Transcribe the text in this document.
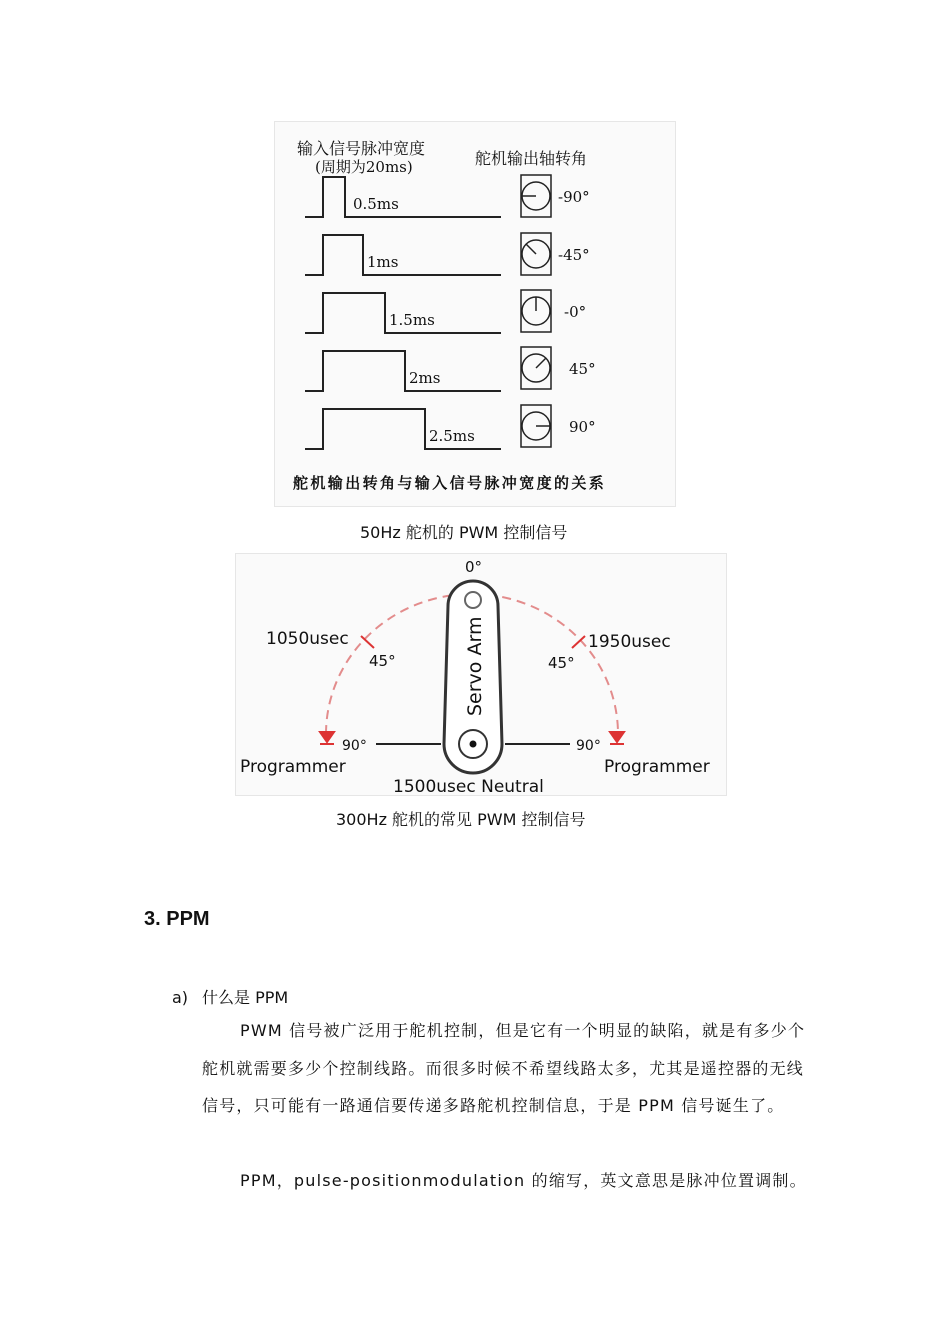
输入信号脉冲宽度
(周期为20ms)	舵机输出轴转角
0.5ms	-90°
1ms	-45°
1.5ms	-0°
2ms	45°
2.5ms	90°
舵机输出转角与输入信号脉冲宽度的关系
50Hz 舵机的 PWM 控制信号
Servo Arm
0°
1050usec	1950usec
45°	45°
90°	90°
Programmer	Programmer
1500usec Neutral
300Hz 舵机的常见 PWM 控制信号
3. PPM
a) 什么是 PPM
PWM 信号被广泛用于舵机控制，但是它有一个明显的缺陷，就是有多少个舵机就需要多少个控制线路。而很多时候不希望线路太多，尤其是遥控器的无线信号，只可能有一路通信要传递多路舵机控制信息，于是 PPM 信号诞生了。
PPM，pulse-positionmodulation 的缩写，英文意思是脉冲位置调制。
